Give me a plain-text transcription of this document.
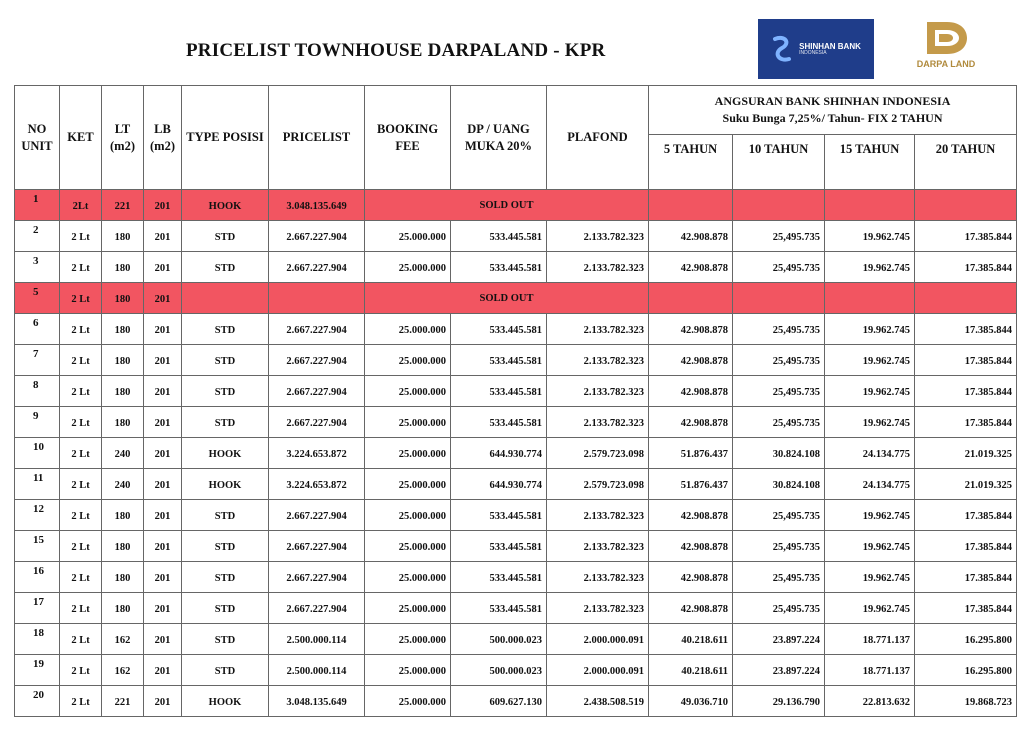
PRICELIST TOWNHOUSE DARPALAND - KPR	SHINHAN BANK
INDONESIA
DARPA LAND
NO UNIT	KET	LT (m2)	LB (m2)	TYPE POSISI	PRICELIST	BOOKING FEE	DP / UANG MUKA 20%	PLAFOND	ANGSURAN BANK SHINHAN INDONESIA
Suku Bunga 7,25%/ Tahun- FIX 2 TAHUN			

									5 TAHUN	10 TAHUN	15 TAHUN	20 TAHUN
1	2Lt	221	201	HOOK	3.048.135.649	SOLD OUT						
2	2 Lt	180	201	STD	2.667.227.904	25.000.000	533.445.581	2.133.782.323	42.908.878	25,495.735	19.962.745	17.385.844
3	2 Lt	180	201	STD	2.667.227.904	25.000.000	533.445.581	2.133.782.323	42.908.878	25,495.735	19.962.745	17.385.844
5	2 Lt	180	201			SOLD OUT						
6	2 Lt	180	201	STD	2.667.227.904	25.000.000	533.445.581	2.133.782.323	42.908.878	25,495.735	19.962.745	17.385.844
7	2 Lt	180	201	STD	2.667.227.904	25.000.000	533.445.581	2.133.782.323	42.908.878	25,495.735	19.962.745	17.385.844
8	2 Lt	180	201	STD	2.667.227.904	25.000.000	533.445.581	2.133.782.323	42.908.878	25,495.735	19.962.745	17.385.844
9	2 Lt	180	201	STD	2.667.227.904	25.000.000	533.445.581	2.133.782.323	42.908.878	25,495.735	19.962.745	17.385.844
10	2 Lt	240	201	HOOK	3.224.653.872	25.000.000	644.930.774	2.579.723.098	51.876.437	30.824.108	24.134.775	21.019.325
11	2 Lt	240	201	HOOK	3.224.653.872	25.000.000	644.930.774	2.579.723.098	51.876.437	30.824.108	24.134.775	21.019.325
12	2 Lt	180	201	STD	2.667.227.904	25.000.000	533.445.581	2.133.782.323	42.908.878	25,495.735	19.962.745	17.385.844
15	2 Lt	180	201	STD	2.667.227.904	25.000.000	533.445.581	2.133.782.323	42.908.878	25,495.735	19.962.745	17.385.844
16	2 Lt	180	201	STD	2.667.227.904	25.000.000	533.445.581	2.133.782.323	42.908.878	25,495.735	19.962.745	17.385.844
17	2 Lt	180	201	STD	2.667.227.904	25.000.000	533.445.581	2.133.782.323	42.908.878	25,495.735	19.962.745	17.385.844
18	2 Lt	162	201	STD	2.500.000.114	25.000.000	500.000.023	2.000.000.091	40.218.611	23.897.224	18.771.137	16.295.800
19	2 Lt	162	201	STD	2.500.000.114	25.000.000	500.000.023	2.000.000.091	40.218.611	23.897.224	18.771.137	16.295.800
20	2 Lt	221	201	HOOK	3.048.135.649	25.000.000	609.627.130	2.438.508.519	49.036.710	29.136.790	22.813.632	19.868.723
